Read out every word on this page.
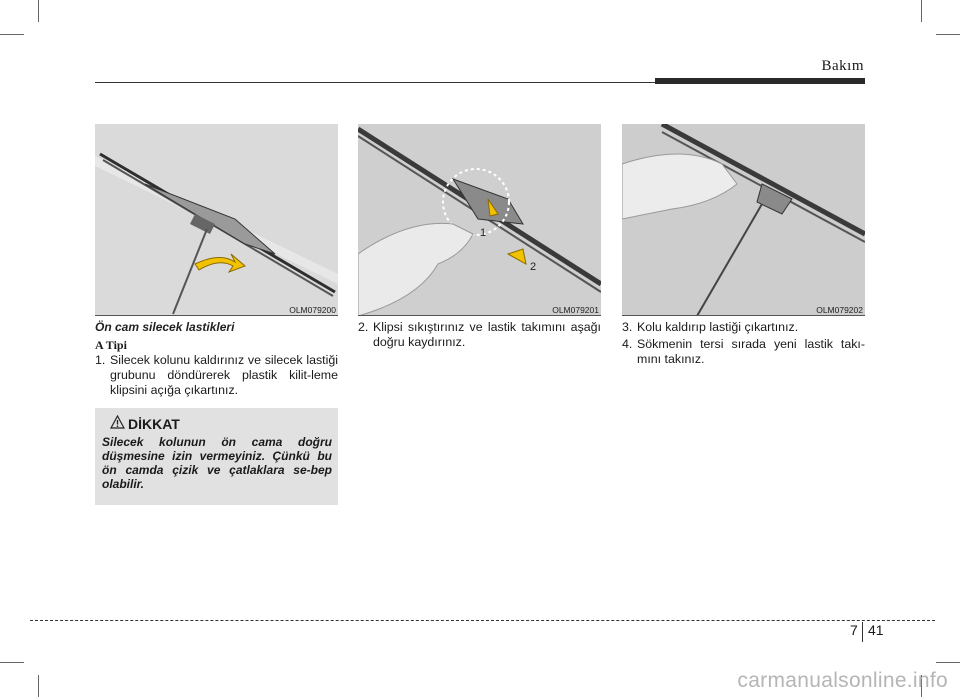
Bakım
OLM079200
1
2
OLM079201	OLM079202
Ön cam silecek lastikleri
A Tipi
1. Silecek kolunu kaldırınız ve silecek lastiği grubunu döndürerek plastik kilit-leme klipsini açığa çıkartınız.
DİKKAT
Silecek kolunun ön cama doğru düşmesine izin vermeyiniz. Çünkü bu ön camda çizik ve çatlaklara se-bep olabilir.
2. Klipsi sıkıştırınız ve lastik takımını aşağı doğru kaydırınız.
3. Kolu kaldırıp lastiği çıkartınız.
4. Sökmenin tersi sırada yeni lastik takı-mını takınız.
7 41
carmanualsonline.info
